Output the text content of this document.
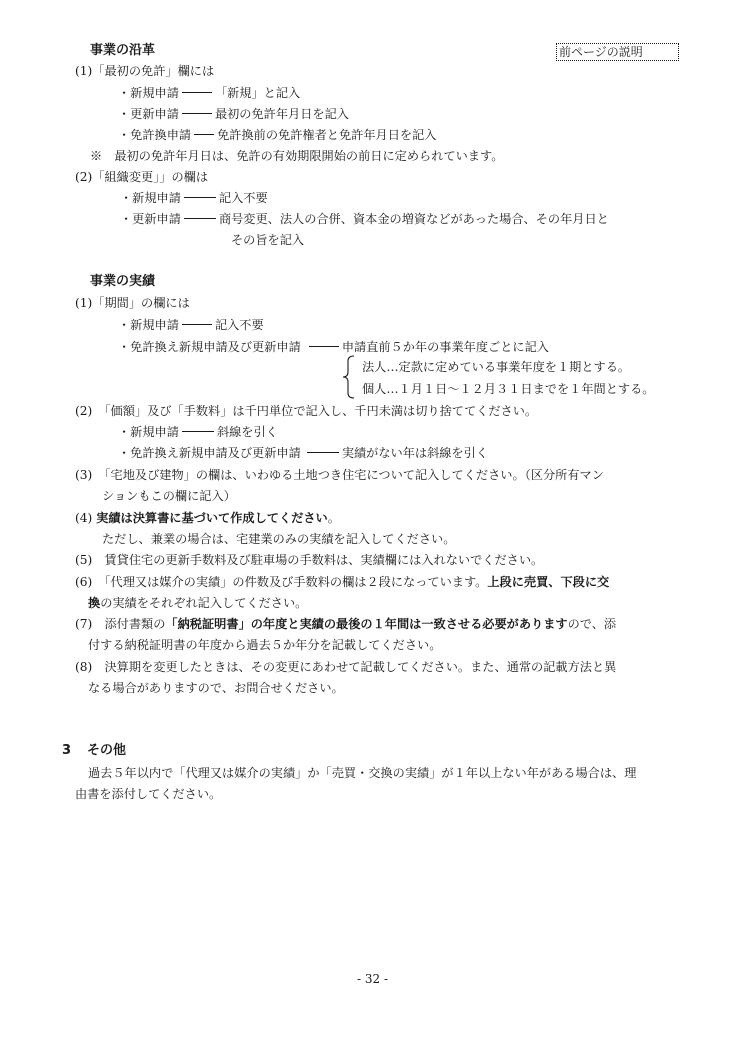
前ページの説明
事業の沿革
(1)「最初の免許」欄には
・新規申請	「新規」と記入
・更新申請	最初の免許年月日を記入
・免許換申請 免許換前の免許権者と免許年月日を記入
※　最初の免許年月日は、免許の有効期限開始の前日に定められています。
(2)「組織変更」」の欄は
・新規申請	記入不要
・更新申請	商号変更、法人の合併、資本金の増資などがあった場合、その年月日と
その旨を記入
事業の実績
(1)「期間」の欄には
・新規申請	記入不要
・免許換え新規申請及び更新申請	申請直前５か年の事業年度ごとに記入
法人…定款に定めている事業年度を１期とする。
個人…１月１日～１２月３１日までを１年間とする。
(2)　「価額」及び「手数料」は千円単位で記入し、千円未満は切り捨ててください。
・新規申請	斜線を引く
・免許換え新規申請及び更新申請	実績がない年は斜線を引く
(3)　「宅地及び建物」の欄は、いわゆる土地つき住宅について記入してください。（区分所有マン
ションもこの欄に記入）
(4) 実績は決算書に基づいて作成してください。
ただし、兼業の場合は、宅建業のみの実績を記入してください。
(5)　賃貸住宅の更新手数料及び駐車場の手数料は、実績欄には入れないでください。
(6)　「代理又は媒介の実績」の件数及び手数料の欄は２段になっています。上段に売買、下段に交
換の実績をそれぞれ記入してください。
(7)　添付書類の「納税証明書」の年度と実績の最後の１年間は一致させる必要がありますので、添
付する納税証明書の年度から過去５か年分を記載してください。
(8)　決算期を変更したときは、その変更にあわせて記載してください。また、通常の記載方法と異
なる場合がありますので、お問合せください。
3 その他
過去５年以内で「代理又は媒介の実績」か「売買・交換の実績」が１年以上ない年がある場合は、理
由書を添付してください。
- 32 -
